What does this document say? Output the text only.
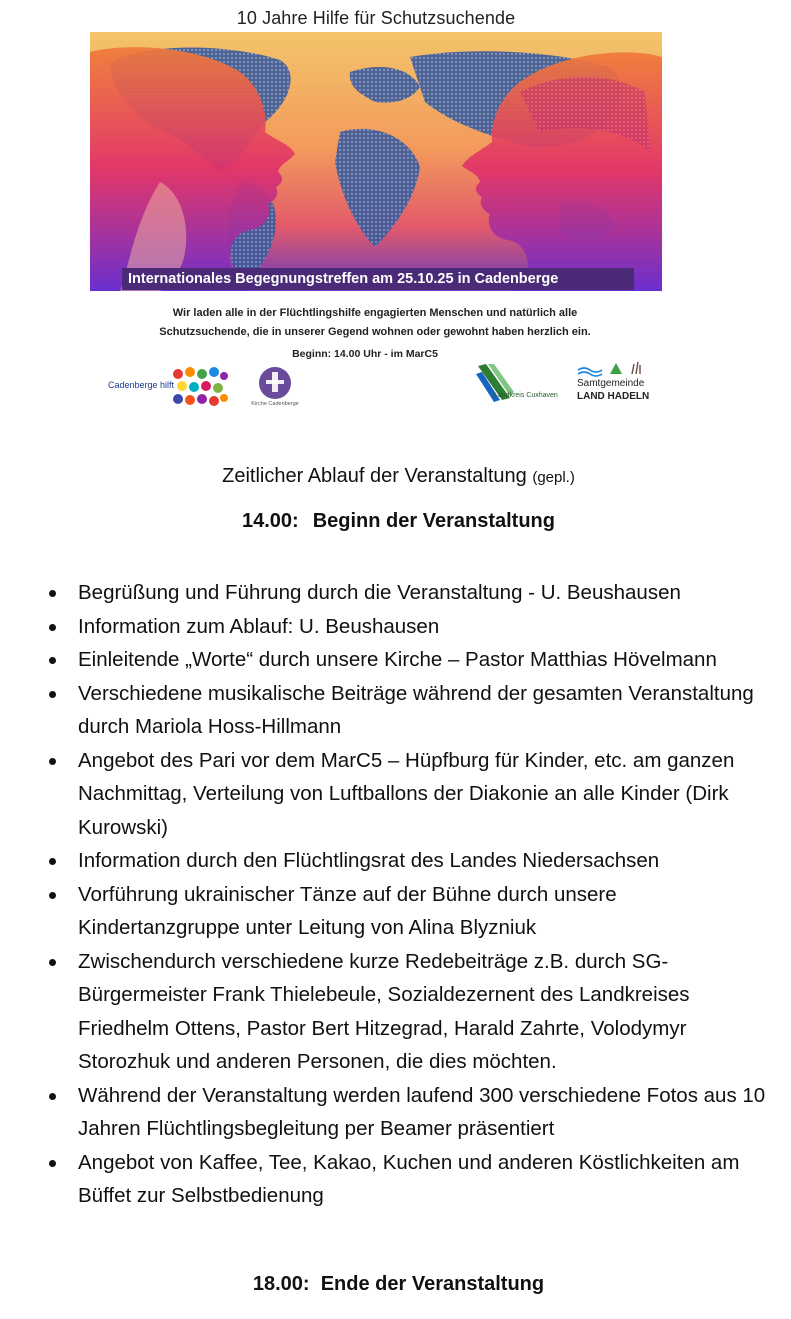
10 Jahre Hilfe für Schutzsuchende
Internationales Begegnungstreffen am 25.10.25 in Cadenberge
Wir laden alle in der Flüchtlingshilfe engagierten Menschen und natürlich alle
Schutzsuchende, die in unserer Gegend wohnen oder gewohnt haben herzlich ein.
Beginn: 14.00 Uhr - im MarC5
Cadenberge hilft
Kirche Cadenberge
Landkreis Cuxhaven
Samtgemeinde
LAND HADELN
Zeitlicher Ablauf der Veranstaltung (gepl.)
14.00: Beginn der Veranstaltung
Begrüßung und Führung durch die Veranstaltung - U. Beushausen
Information zum Ablauf: U. Beushausen
Einleitende „Worte“ durch unsere Kirche – Pastor Matthias Hövelmann
Verschiedene musikalische Beiträge während der gesamten Veranstaltung durch Mariola Hoss-Hillmann
Angebot des Pari vor dem MarC5 – Hüpfburg für Kinder, etc. am ganzen Nachmittag, Verteilung von Luftballons der Diakonie an alle Kinder (Dirk Kurowski)
Information durch den Flüchtlingsrat des Landes Niedersachsen
Vorführung ukrainischer Tänze auf der Bühne durch unsere Kindertanzgruppe unter Leitung von Alina Blyzniuk
Zwischendurch verschiedene kurze Redebeiträge z.B. durch SG-Bürgermeister Frank Thielebeule, Sozialdezernent des Landkreises Friedhelm Ottens, Pastor Bert Hitzegrad, Harald Zahrte, Volodymyr Storozhuk und anderen Personen, die dies möchten.
Während der Veranstaltung werden laufend 300 verschiedene Fotos aus 10 Jahren Flüchtlingsbegleitung per Beamer präsentiert
Angebot von Kaffee, Tee, Kakao, Kuchen und anderen Köstlichkeiten am Büffet zur Selbstbedienung
18.00: Ende der Veranstaltung
